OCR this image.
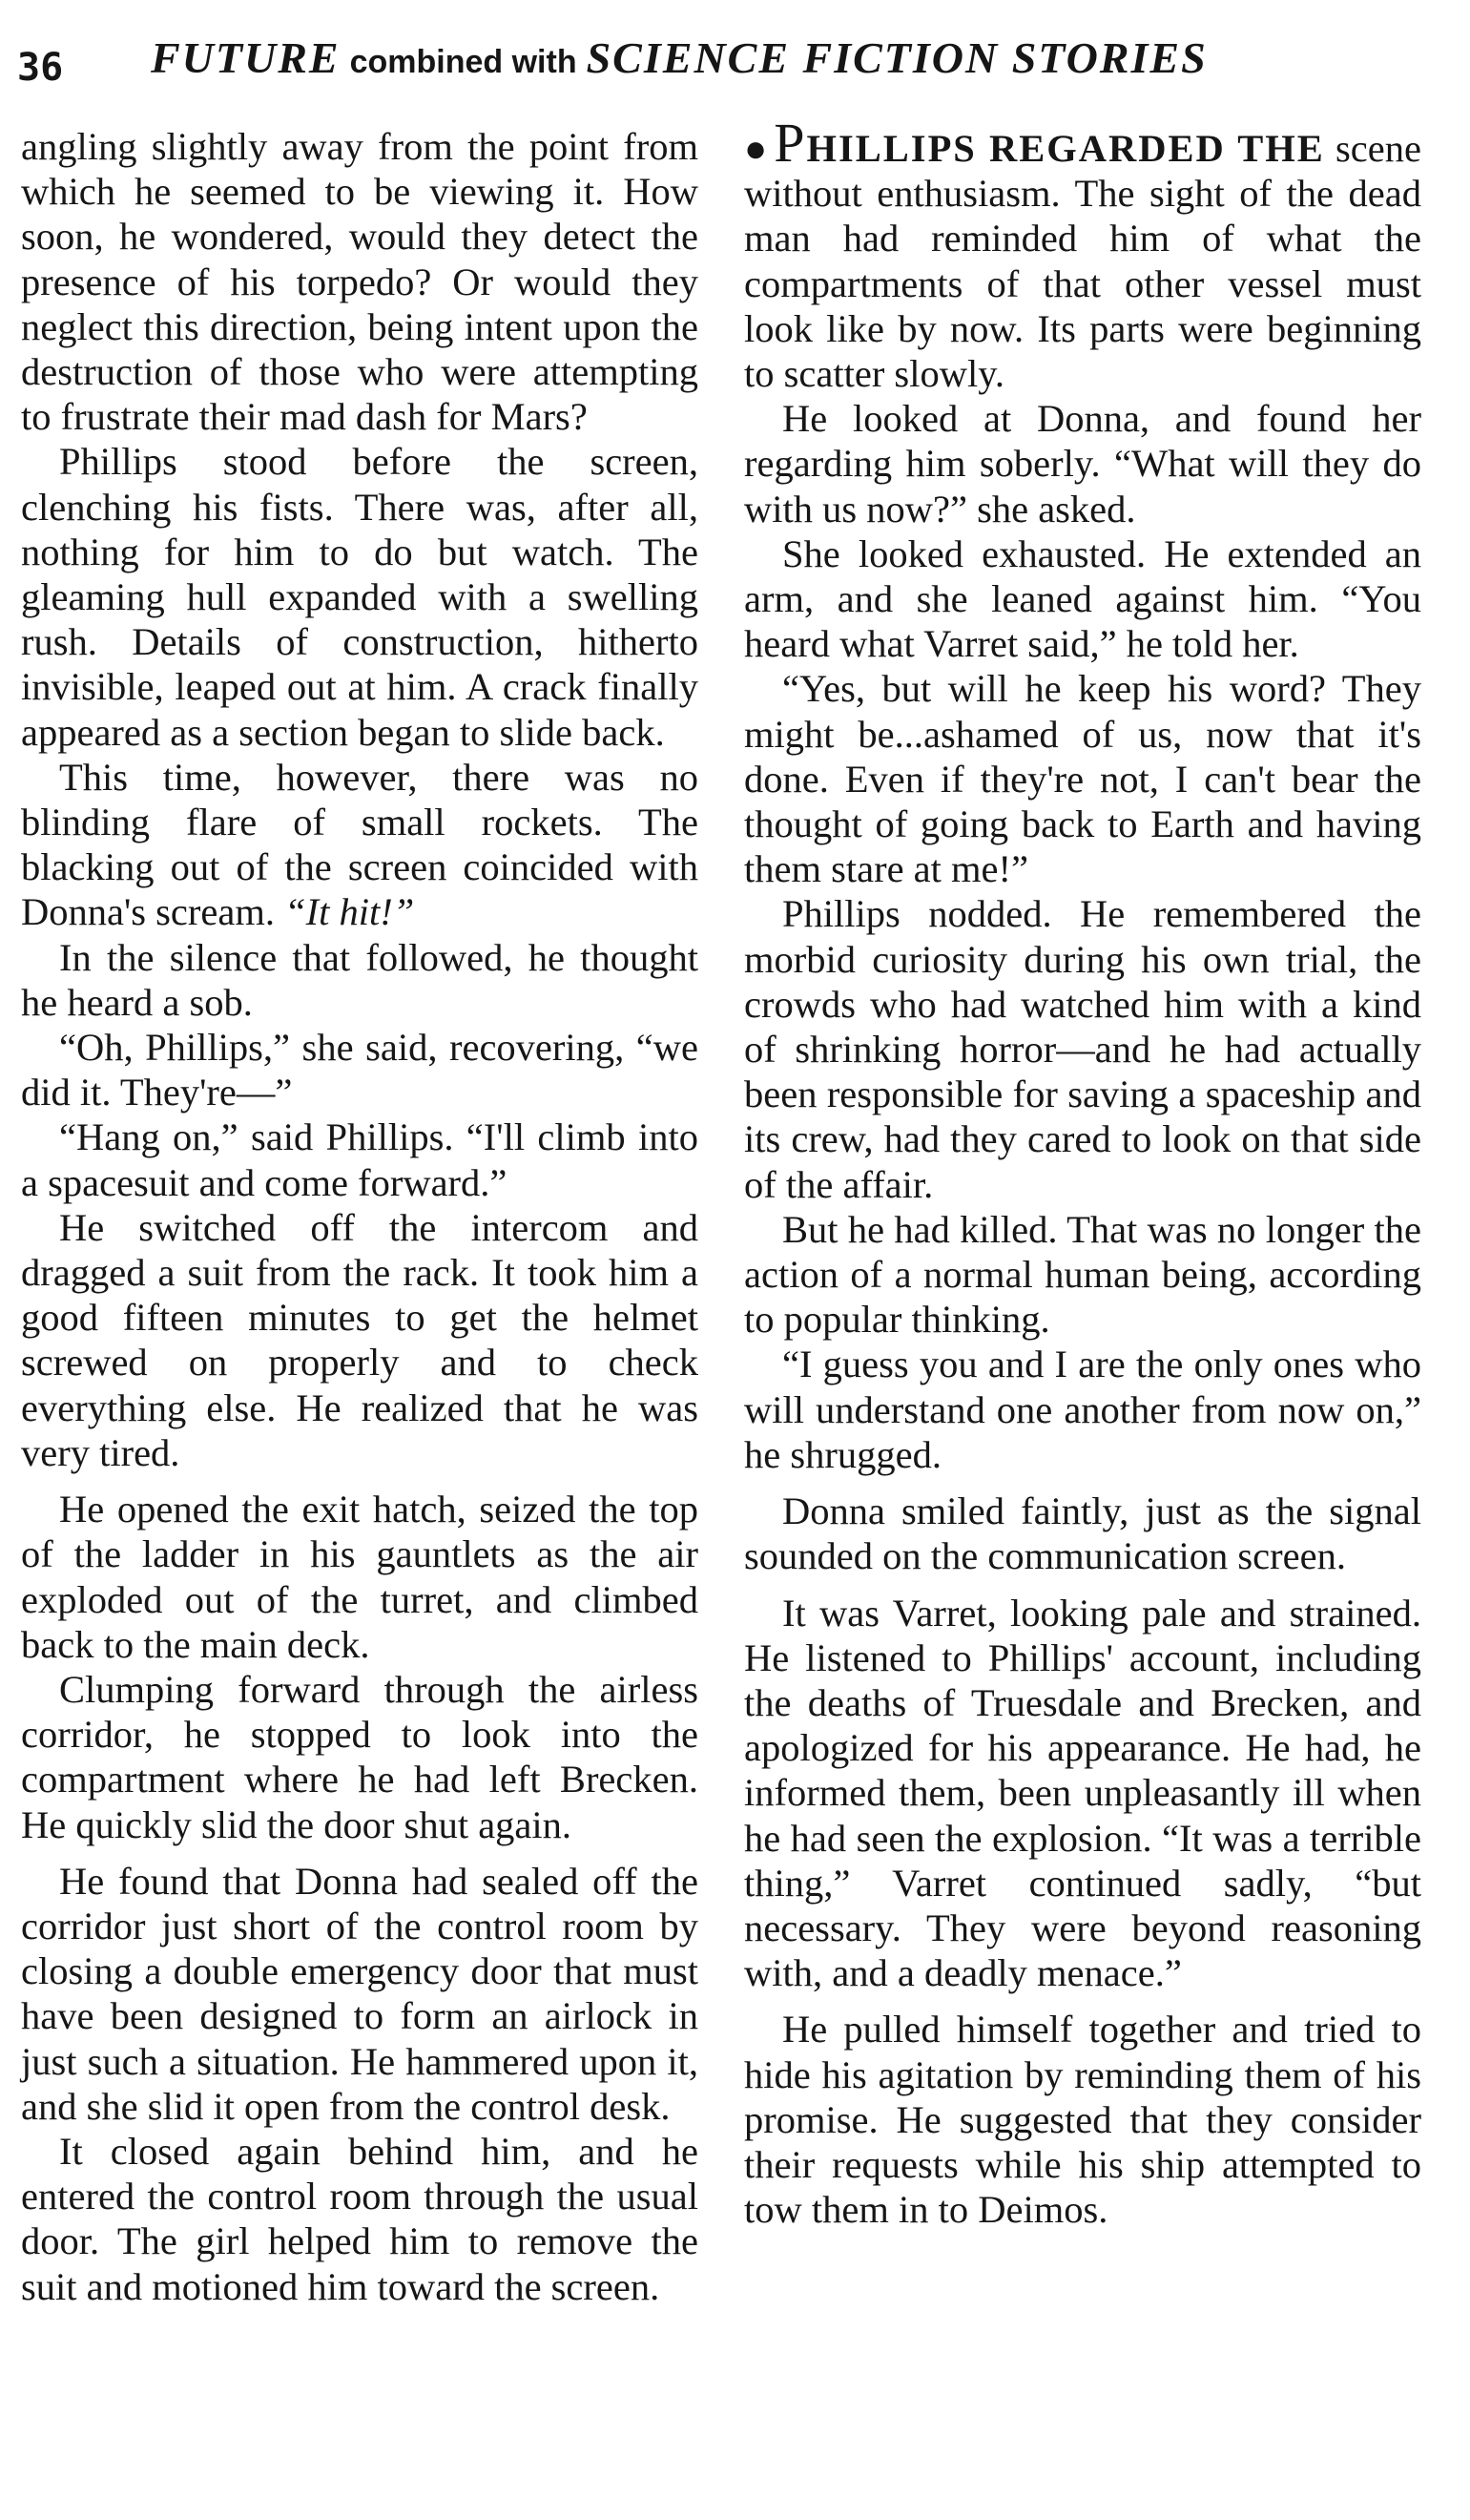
36 FUTURE combined with SCIENCE FICTION STORIES

angling slightly away from the point from which he seemed to be viewing it. How soon, he wondered, would they detect the presence of his torpedo? Or would they neglect this direction, being intent upon the destruction of those who were attempting to frustrate their mad dash for Mars?

Phillips stood before the screen, clenching his fists. There was, after all, nothing for him to do but watch. The gleaming hull expanded with a swelling rush. Details of construction, hitherto invisible, leaped out at him. A crack finally appeared as a section began to slide back.

This time, however, there was no blinding flare of small rockets. The blacking out of the screen coincided with Donna's scream. “It hit!”

In the silence that followed, he thought he heard a sob.

“Oh, Phillips,” she said, recovering, “we did it. They're—”

“Hang on,” said Phillips. “I'll climb into a spacesuit and come forward.”

He switched off the intercom and dragged a suit from the rack. It took him a good fifteen minutes to get the helmet screwed on properly and to check everything else. He realized that he was very tired.

He opened the exit hatch, seized the top of the ladder in his gauntlets as the air exploded out of the turret, and climbed back to the main deck.

Clumping forward through the airless corridor, he stopped to look into the compartment where he had left Brecken. He quickly slid the door shut again.

He found that Donna had sealed off the corridor just short of the control room by closing a double emergency door that must have been designed to form an airlock in just such a situation. He hammered upon it, and she slid it open from the control desk.

It closed again behind him, and he entered the control room through the usual door. The girl helped him to remove the suit and motioned him toward the screen.

●PHILLIPS REGARDED THE scene without enthusiasm. The sight of the dead man had reminded him of what the compartments of that other vessel must look like by now. Its parts were beginning to scatter slowly.

He looked at Donna, and found her regarding him soberly. “What will they do with us now?” she asked.

She looked exhausted. He extended an arm, and she leaned against him. “You heard what Varret said,” he told her.

“Yes, but will he keep his word? They might be...ashamed of us, now that it's done. Even if they're not, I can't bear the thought of going back to Earth and having them stare at me!”

Phillips nodded. He remembered the morbid curiosity during his own trial, the crowds who had watched him with a kind of shrinking horror—and he had actually been responsible for saving a spaceship and its crew, had they cared to look on that side of the affair.

But he had killed. That was no longer the action of a normal human being, according to popular thinking.

“I guess you and I are the only ones who will understand one another from now on,” he shrugged.

Donna smiled faintly, just as the signal sounded on the communication screen.

It was Varret, looking pale and strained. He listened to Phillips' account, including the deaths of Truesdale and Brecken, and apologized for his appearance. He had, he informed them, been unpleasantly ill when he had seen the explosion. “It was a terrible thing,” Varret continued sadly, “but necessary. They were beyond reasoning with, and a deadly menace.”

He pulled himself together and tried to hide his agitation by reminding them of his promise. He suggested that they consider their requests while his ship attempted to tow them in to Deimos.
